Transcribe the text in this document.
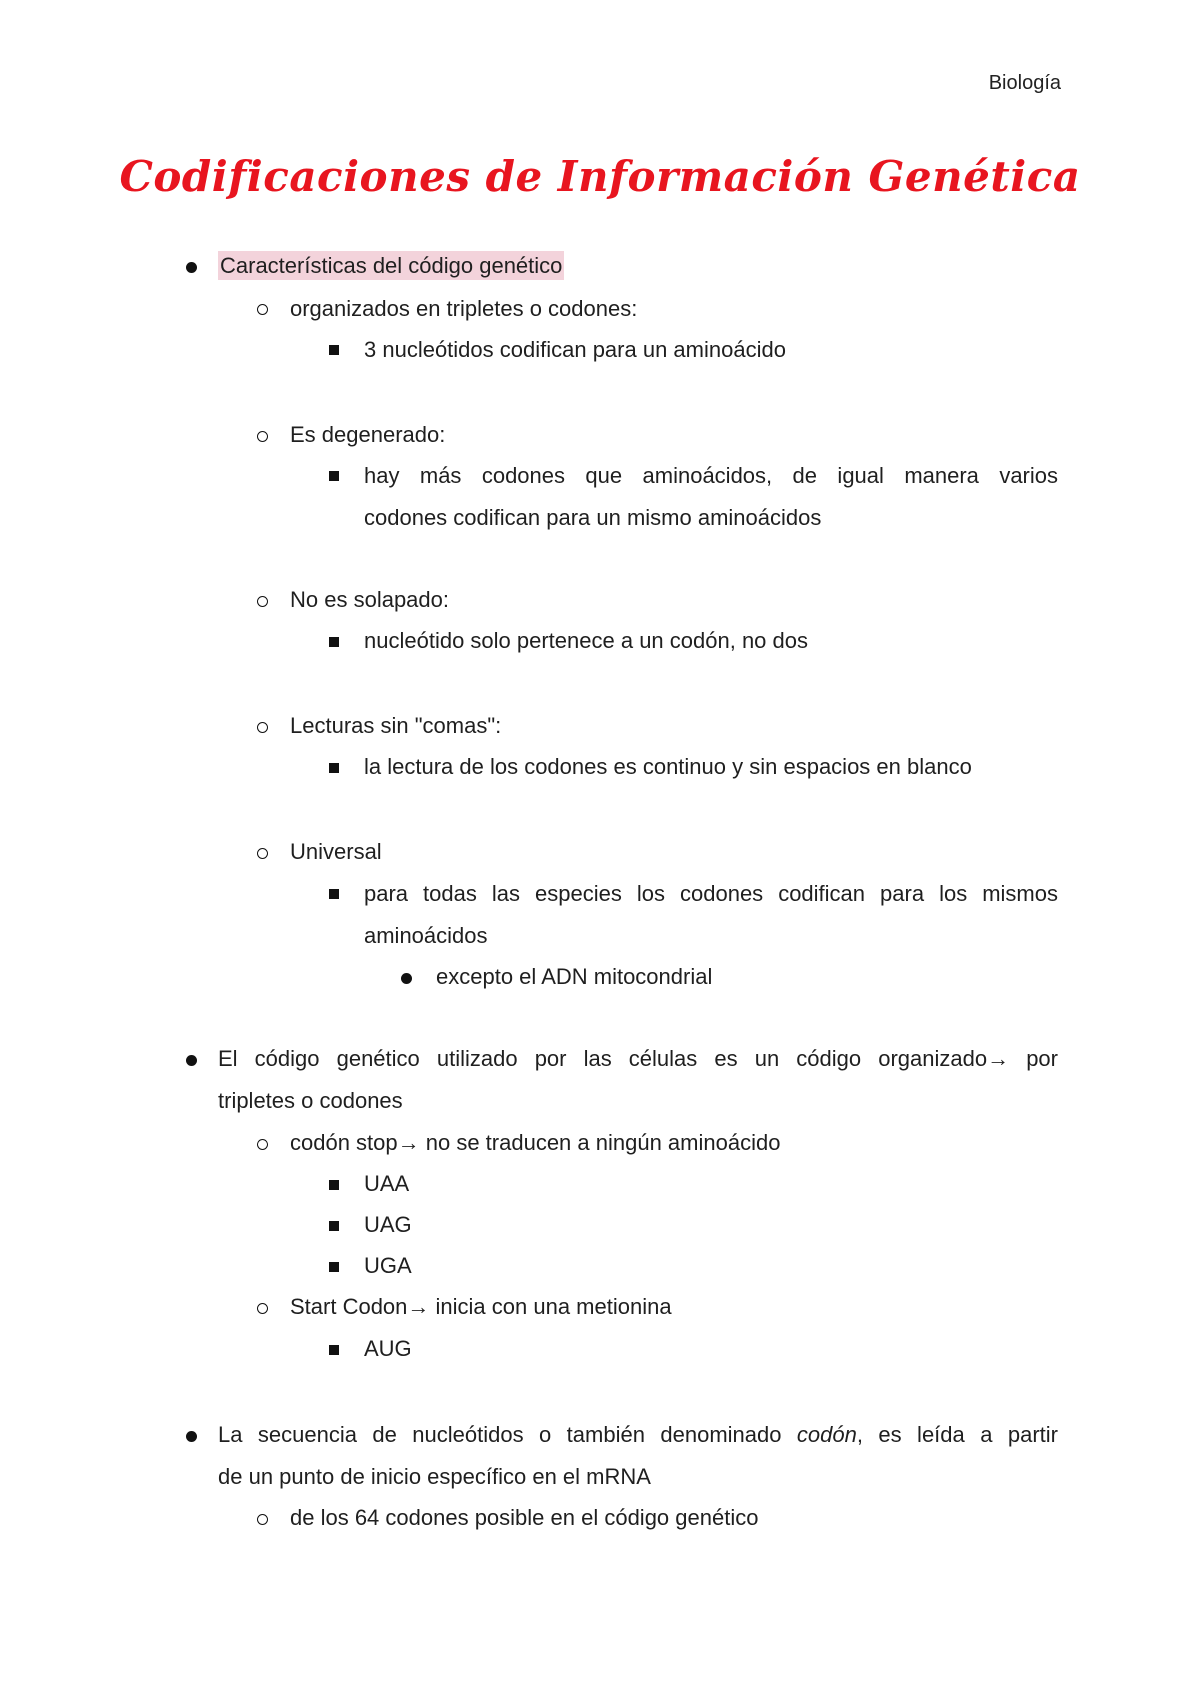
Biología
Codificaciones de Información Genética
Características del código genético
organizados en tripletes o codones:
3 nucleótidos codifican para un aminoácido
Es degenerado:
hay más codones que aminoácidos, de igual manera varios
codones codifican para un mismo aminoácidos
No es solapado:
nucleótido solo pertenece a un codón, no dos
Lecturas sin "comas":
la lectura de los codones es continuo y sin espacios en blanco
Universal
para todas las especies los codones codifican para los mismos
aminoácidos
excepto el ADN mitocondrial
El código genético utilizado por las células es un código organizado→ por
tripletes o codones
codón stop→ no se traducen a ningún aminoácido
UAA
UAG
UGA
Start Codon→ inicia con una metionina
AUG
La secuencia de nucleótidos o también denominado codón, es leída a partir
de un punto de inicio específico en el mRNA
de los 64 codones posible en el código genético
